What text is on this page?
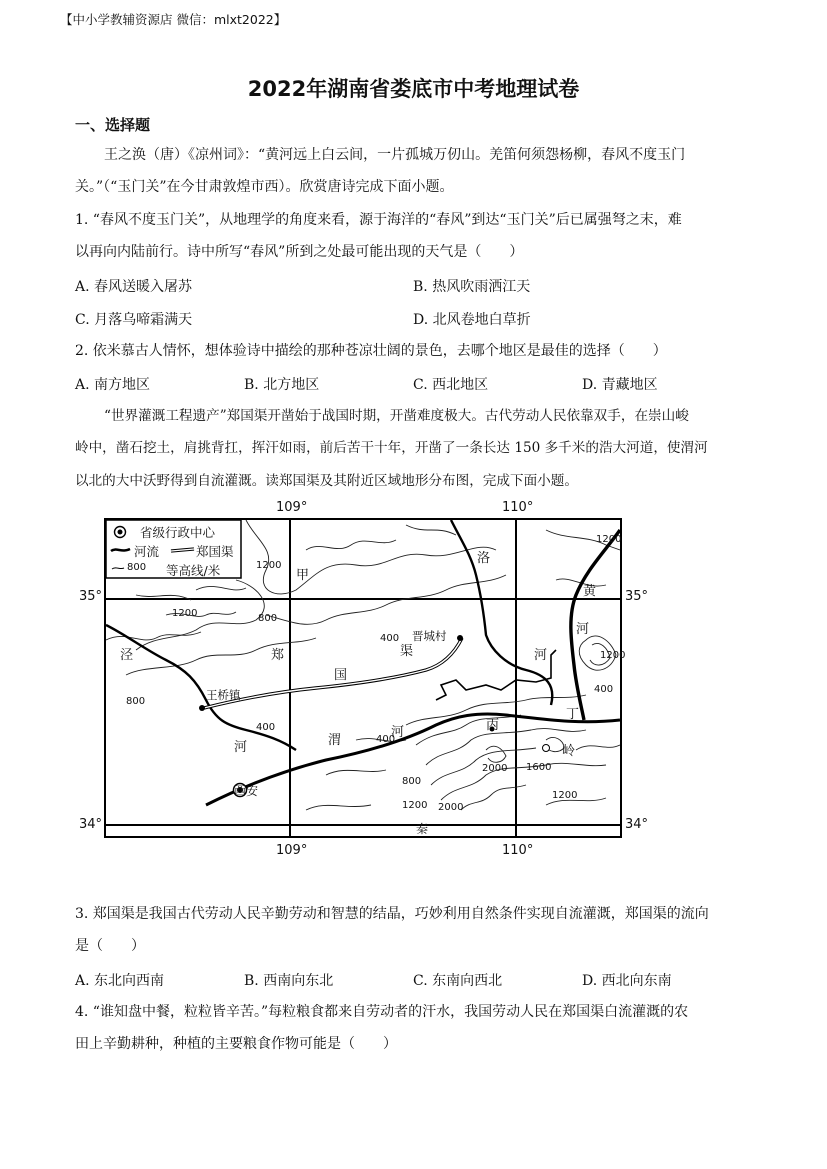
【中小学教辅资源店 微信：mlxt2022】
2022年湖南省娄底市中考地理试卷
一、选择题
王之涣（唐）《凉州词》：“黄河远上白云间，一片孤城万仞山。羌笛何须怨杨柳，春风不度玉门
关。”（“玉门关”在今甘肃敦煌市西）。欣赏唐诗完成下面小题。
1. “春风不度玉门关”，从地理学的角度来看，源于海洋的“春风”到达“玉门关”后已属强弩之末，难
以再向内陆前行。诗中所写“春风”所到之处最可能出现的天气是（　　）
A. 春风送暖入屠苏	B. 热风吹雨洒江天
C. 月落乌啼霜满天	D. 北风卷地白草折
2. 依米慕古人情怀，想体验诗中描绘的那种苍凉壮阔的景色，去哪个地区是最佳的选择（　　）
A. 南方地区	B. 北方地区	C. 西北地区	D. 青藏地区
“世界灌溉工程遗产”郑国渠开凿始于战国时期，开凿难度极大。古代劳动人民依靠双手，在崇山峻
岭中，凿石挖土，肩挑背扛，挥汗如雨，前后苦干十年，开凿了一条长达 150 多千米的浩大河道，使渭河
以北的大中沃野得到自流灌溉。读郑国渠及其附近区域地形分布图，完成下面小题。
109°	110°
35°	35°
34°	34°
109°	110°
省级行政中心
河流	郑国渠
800 等高线/米	甲
洛
黄
河
河
泾	郑
国
渠
晋城村
王桥镇
河	渭
河	丙
丁
岭
西安
秦
1200
800
1200
400
800
400
400
800
1200
2000 1600
2000
1200
1200
1200
400
3. 郑国渠是我国古代劳动人民辛勤劳动和智慧的结晶，巧妙利用自然条件实现自流灌溉，郑国渠的流向
是（　　）
A. 东北向西南	B. 西南向东北	C. 东南向西北	D. 西北向东南
4. “谁知盘中餐，粒粒皆辛苦。”每粒粮食都来自劳动者的汗水，我国劳动人民在郑国渠白流灌溉的农
田上辛勤耕种，种植的主要粮食作物可能是（　　）
